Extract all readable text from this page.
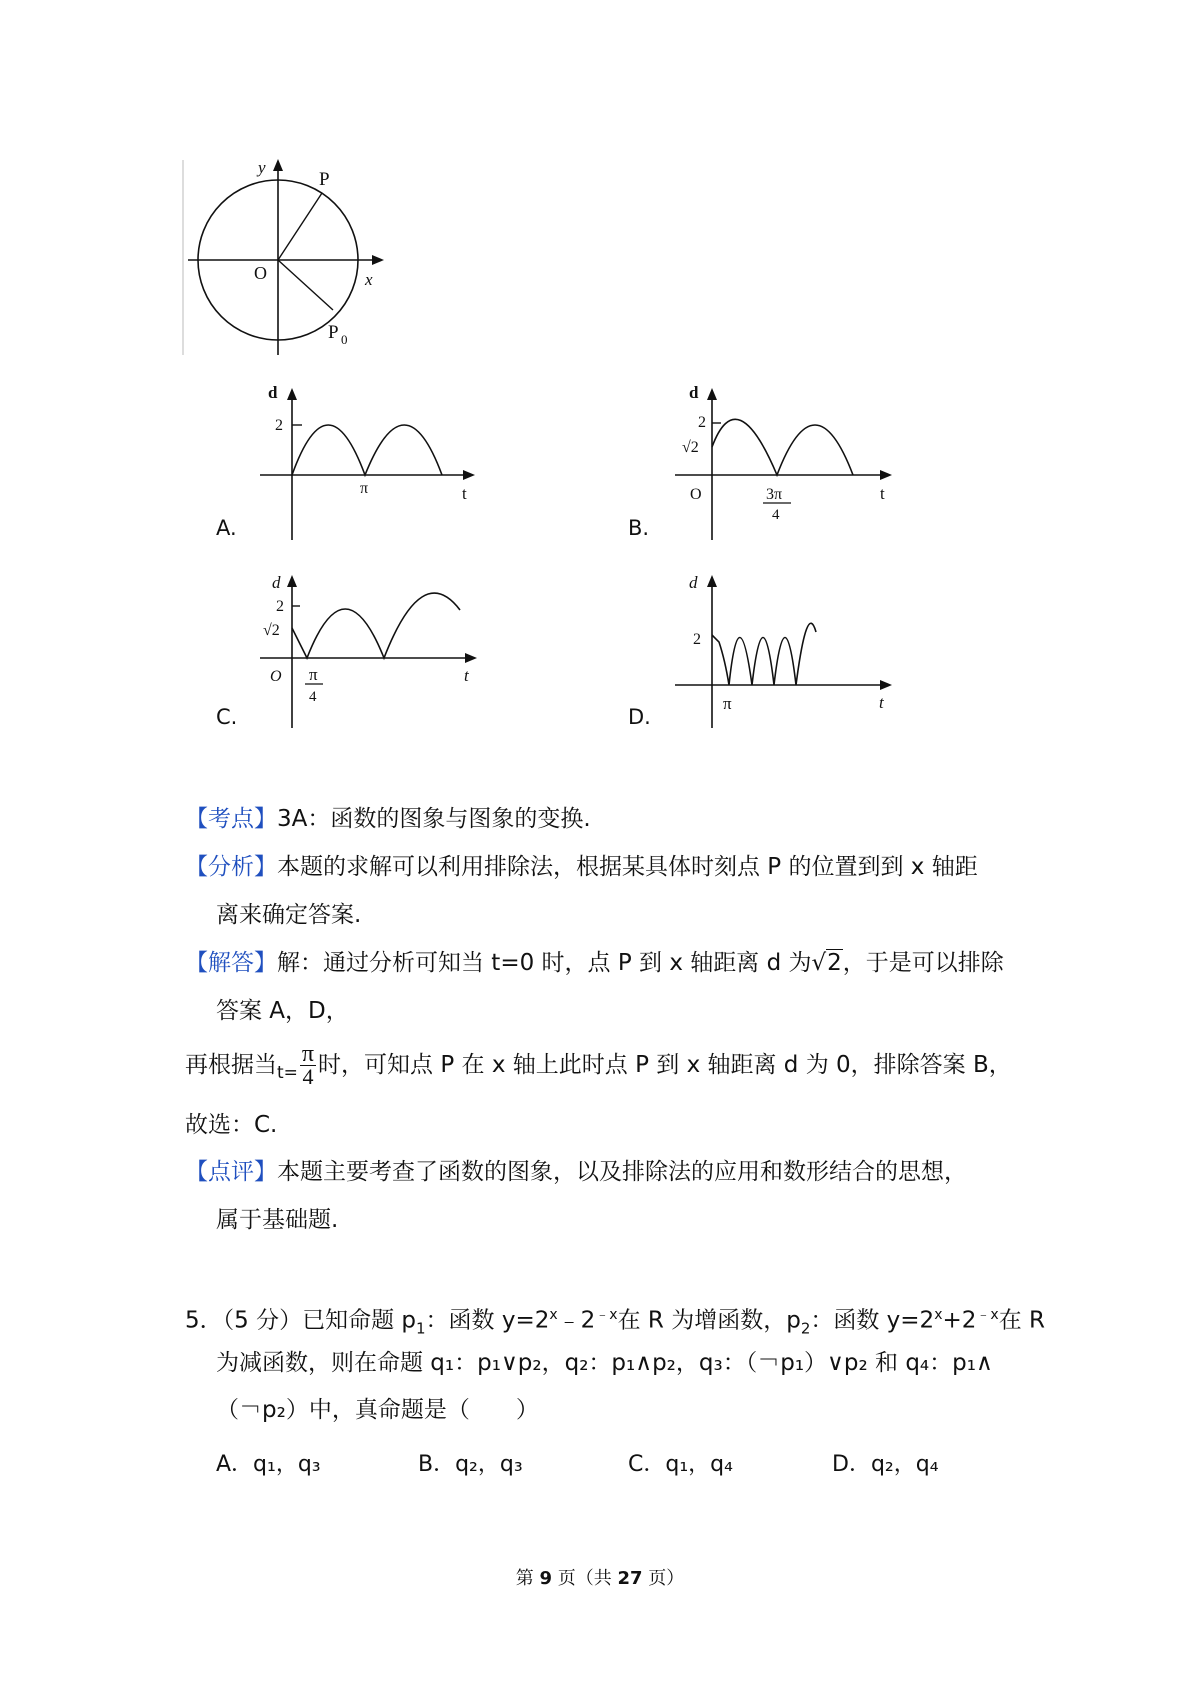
y
P
O	x
P 0
d
2
π	t
A.
d
2
√2
O	3π
4
t
B.
d
2
√2
O π
4
t
C.
d
2
π	t
D.
【考点】3A：函数的图象与图象的变换.
【分析】本题的求解可以利用排除法，根据某具体时刻点 P 的位置到到 x 轴距
离来确定答案.
【解答】解：通过分析可知当 t=0 时，点 P 到 x 轴距离 d 为√2，于是可以排除
答案 A，D，
再根据当$_{t=} \frac{\pi}{4}$ 时，可知点 P 在 x 轴上此时点 P 到 x 轴距离 d 为 0，排除答案 B，
故选：C.
【点评】本题主要考查了函数的图象，以及排除法的应用和数形结合的思想，
属于基础题.
5．（5 分）已知命题 $p_1$：函数 $y=2^x﹣2^{﹣x}$在 R 为增函数，$p_2$：函数 $y=2^x+2^{﹣x}$在 R
为减函数，则在命题 q₁：p₁∨p₂，q₂：p₁∧p₂，q₃：（￢p₁）∨p₂ 和 q₄：p₁∧
（￢p₂）中，真命题是（　　）
A．q₁，q₃	B．q₂，q₃	C．q₁，q₄	D．q₂，q₄
第 9 页（共 27 页）
